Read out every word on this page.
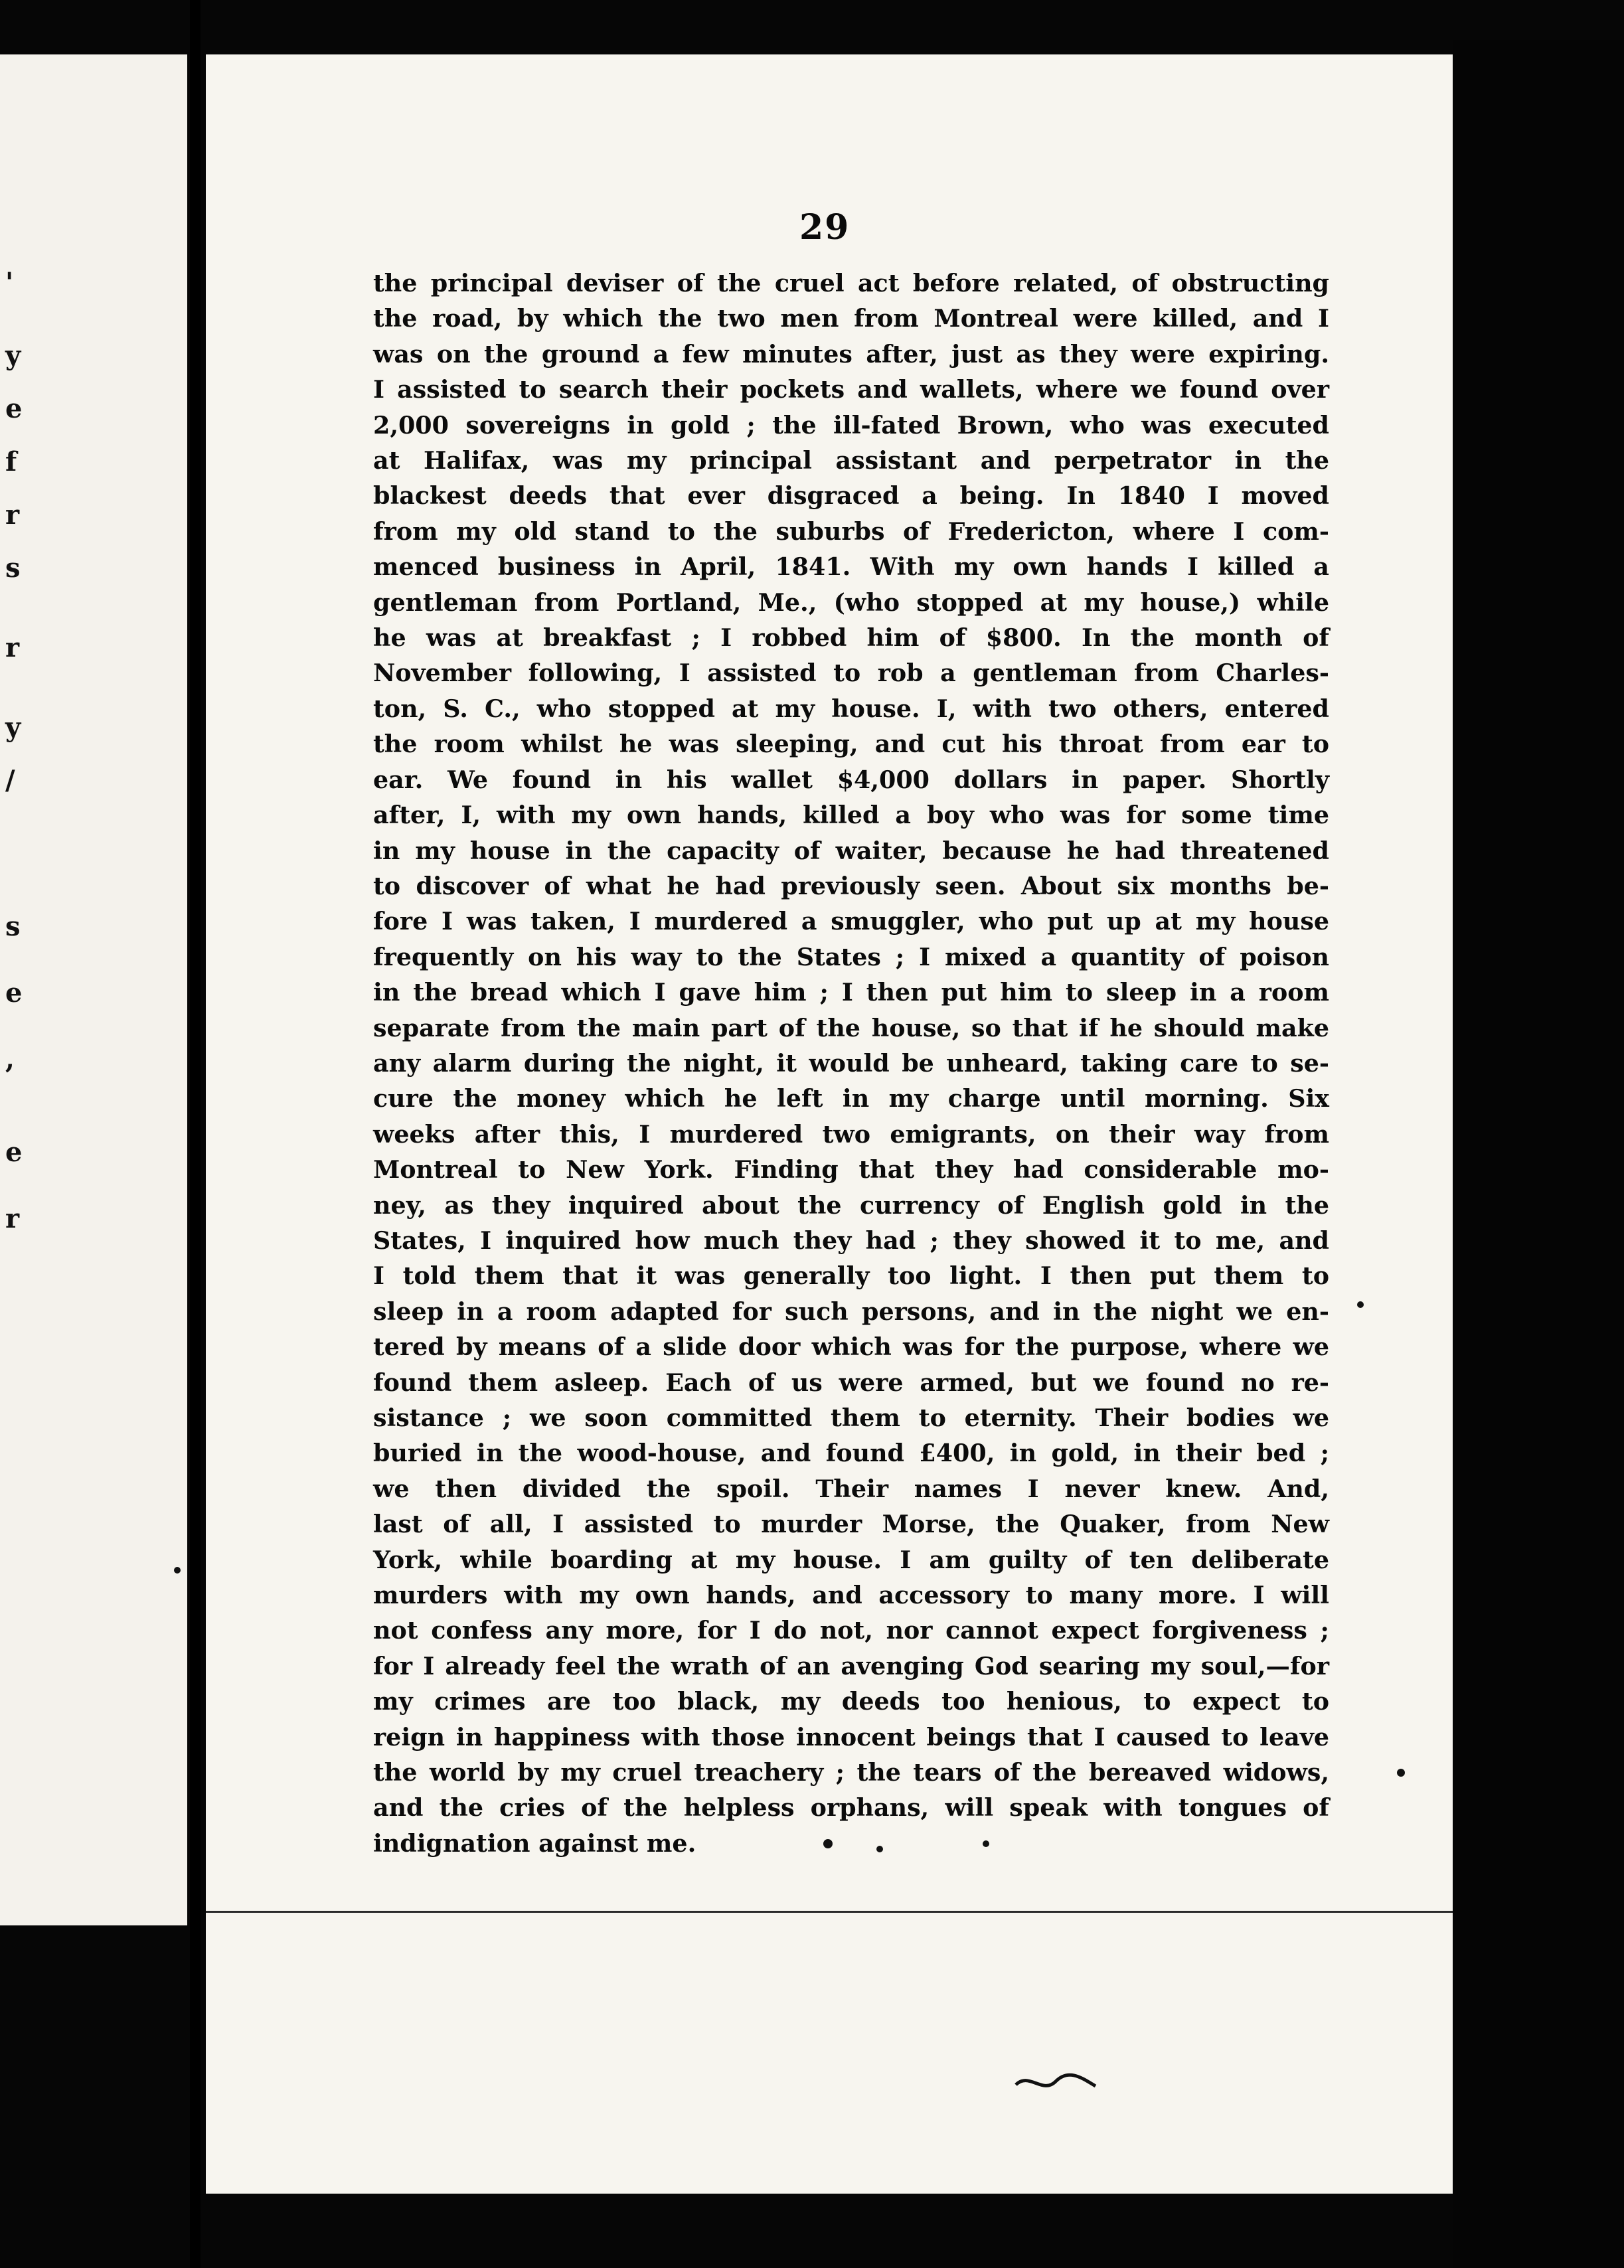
'
y
e
f
r
s
r
y
/
s
e
,
e
r
29
the principal deviser of the cruel act before related, of obstructing
the road, by which the two men from Montreal were killed, and I
was on the ground a few minutes after, just as they were expiring.
I assisted to search their pockets and wallets, where we found over
2,000 sovereigns in gold ; the ill-fated Brown, who was executed
at Halifax, was my principal assistant and perpetrator in the
blackest deeds that ever disgraced a being. In 1840 I moved
from my old stand to the suburbs of Fredericton, where I com-
menced business in April, 1841. With my own hands I killed a
gentleman from Portland, Me., (who stopped at my house,) while
he was at breakfast ; I robbed him of $800. In the month of
November following, I assisted to rob a gentleman from Charles-
ton, S. C., who stopped at my house. I, with two others, entered
the room whilst he was sleeping, and cut his throat from ear to
ear. We found in his wallet $4,000 dollars in paper. Shortly
after, I, with my own hands, killed a boy who was for some time
in my house in the capacity of waiter, because he had threatened
to discover of what he had previously seen. About six months be-
fore I was taken, I murdered a smuggler, who put up at my house
frequently on his way to the States ; I mixed a quantity of poison
in the bread which I gave him ; I then put him to sleep in a room
separate from the main part of the house, so that if he should make
any alarm during the night, it would be unheard, taking care to se-
cure the money which he left in my charge until morning. Six
weeks after this, I murdered two emigrants, on their way from
Montreal to New York. Finding that they had considerable mo-
ney, as they inquired about the currency of English gold in the
States, I inquired how much they had ; they showed it to me, and
I told them that it was generally too light. I then put them to
sleep in a room adapted for such persons, and in the night we en-
tered by means of a slide door which was for the purpose, where we
found them asleep. Each of us were armed, but we found no re-
sistance ; we soon committed them to eternity. Their bodies we
buried in the wood-house, and found £400, in gold, in their bed ;
we then divided the spoil. Their names I never knew. And,
last of all, I assisted to murder Morse, the Quaker, from New
York, while boarding at my house. I am guilty of ten deliberate
murders with my own hands, and accessory to many more. I will
not confess any more, for I do not, nor cannot expect forgiveness ;
for I already feel the wrath of an avenging God searing my soul,—for
my crimes are too black, my deeds too henious, to expect to
reign in happiness with those innocent beings that I caused to leave
the world by my cruel treachery ; the tears of the bereaved widows,
and the cries of the helpless orphans, will speak with tongues of
indignation against me.
